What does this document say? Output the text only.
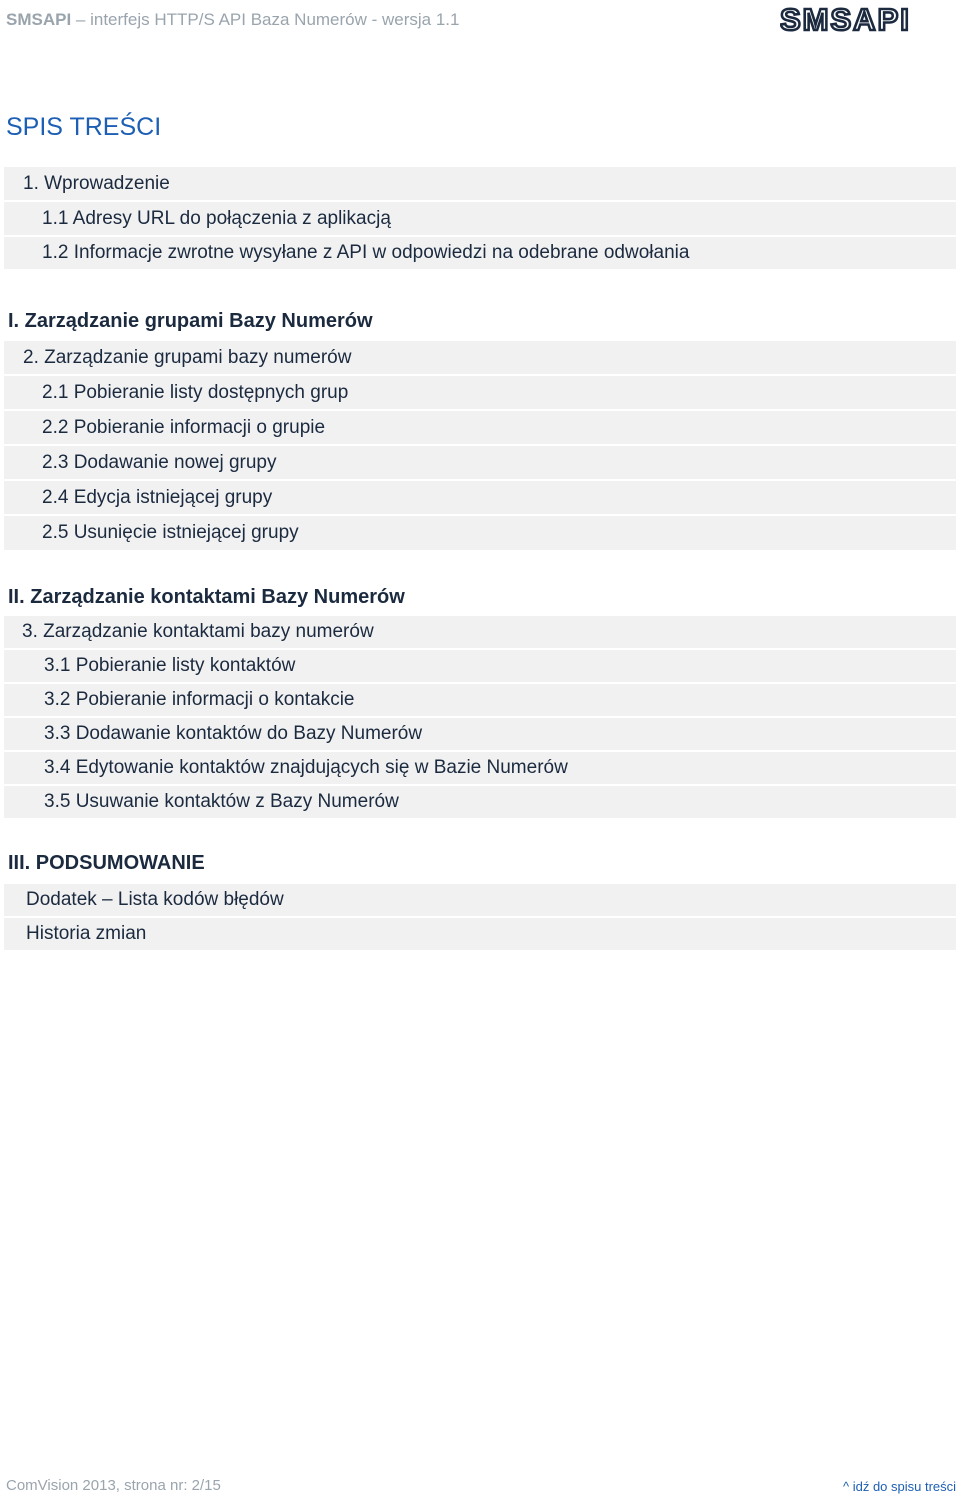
SMSAPI – interfejs HTTP/S API Baza Numerów - wersja 1.1	SMSAPI
SPIS TREŚCI
1. Wprowadzenie
1.1 Adresy URL do połączenia z aplikacją
1.2 Informacje zwrotne wysyłane z API w odpowiedzi na odebrane odwołania
I. Zarządzanie grupami Bazy Numerów
2. Zarządzanie grupami bazy numerów
2.1 Pobieranie listy dostępnych grup
2.2 Pobieranie informacji o grupie
2.3 Dodawanie nowej grupy
2.4 Edycja istniejącej grupy
2.5 Usunięcie istniejącej grupy
II. Zarządzanie kontaktami Bazy Numerów
3. Zarządzanie kontaktami bazy numerów
3.1 Pobieranie listy kontaktów
3.2 Pobieranie informacji o kontakcie
3.3 Dodawanie kontaktów do Bazy Numerów
3.4 Edytowanie kontaktów znajdujących się w Bazie Numerów
3.5 Usuwanie kontaktów z Bazy Numerów
III. PODSUMOWANIE
Dodatek – Lista kodów błędów
Historia zmian
ComVision 2013, strona nr: 2/15	^ idź do spisu treści
